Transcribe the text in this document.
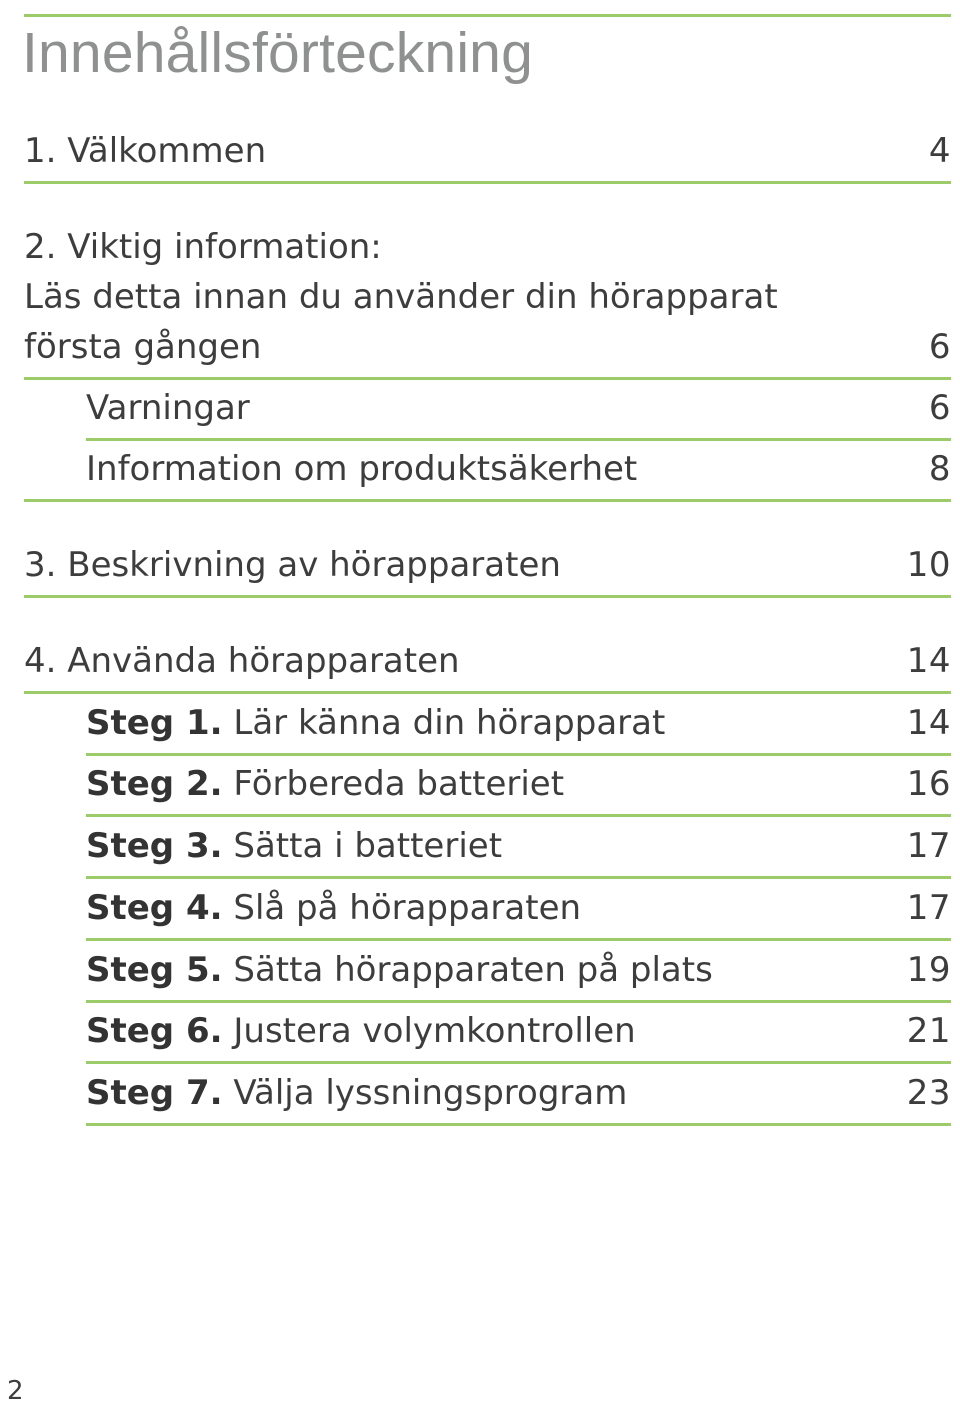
Innehållsförteckning
1. Välkommen	4
2. Viktig information:
Läs detta innan du använder din hörapparat
första gången	6
Varningar	6
Information om produktsäkerhet	8
3. Beskrivning av hörapparaten	10
4. Använda hörapparaten	14
Steg 1. Lär känna din hörapparat	14
Steg 2. Förbereda batteriet	16
Steg 3. Sätta i batteriet	17
Steg 4. Slå på hörapparaten	17
Steg 5. Sätta hörapparaten på plats	19
Steg 6. Justera volymkontrollen	21
Steg 7. Välja lyssningsprogram	23
2
